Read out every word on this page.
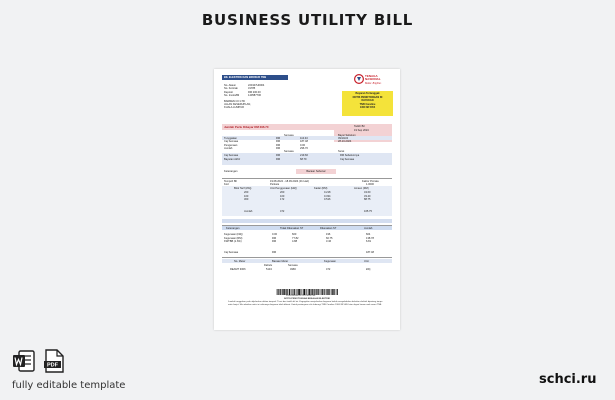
BUSINESS UTILITY BILL
BIL ELEKTRIK DAN BROSUR TNB	TENAGA
NASIONAL
Better. Brighter.
No. Akaun	220107H0004
No. Kontrak	31785
Deposit	RM 200.00
No. Invois/Bil	140587706
BARREN CO LTD
JALAN KESEDUPLAN,
KUALA LUMPUR
Bayaran Tertunggak
NOTIS PEMOTONGAN DI
DAYAKAN
TNB Careline
1300 88 5454
Jumlah Perlu Dibayar RM 296.70	Tarikh Bil
19 Sep 2024
Semasa	Bayar Sebelum
09/10/24
28-10-2024
Tunggakan	RM	110.43
Caj Semasa	RM	187.48
Pengenaan	RM	0.00
Jumlah	RM	296.70
Semasa	Surat
Caj Semasa	RM	219.66	RM Sebelumnya
Bayaran Akhir	RM	68.79	Caj Semasa
Keterangan	Bacaan Sebenar
Tempoh Bil	19.08.2024 - 18.09.2024 (31 Hari)	Faktor Prorata
Kod	Perkara	1.0000
Blok Tarif (kWj)	Unit Penggunaan (kWj)	Kadar (RM)	Amaun (RM)
200	200	0.218	43.60
100	100	0.334	33.40
300	172	0.516	88.75
Jumlah	472	165.75
Keterangan	Tidak Dikenakan ST	Dikenakan ST	Jumlah
Kegunaan (kWj)	0.00	600	196	604
Kegunaan (RM)	RM	77.82	60.75	138.78
KWTBB (1.6%)	RM	4.88	3.46	6.81
Caj Semasa	RM	187.48
No. Meter	Bacaan Meter	Kegunaan	Unit
Dahulu	Semasa
REAMT 3006	5134	4966	472	kWj
220107H0004 31785 140587706
NOTIS PEMOTONGAN BEKALAN ELEKTRIK
Jumlah tunggakan perlu dijelaskan dalam tempoh 7 hari dari tarikh bil ini. Kegagalan menjelaskan bayaran boleh menyebabkan bekalan elektrik dipotong tanpa notis lanjut. Sila abaikan notis ini sekiranya bayaran telah dibuat. Untuk pertanyaan sila hubungi TNB Careline 1300 88 5454 atau layari laman web rasmi TNB.
PDF
fully editable template	schci.ru
